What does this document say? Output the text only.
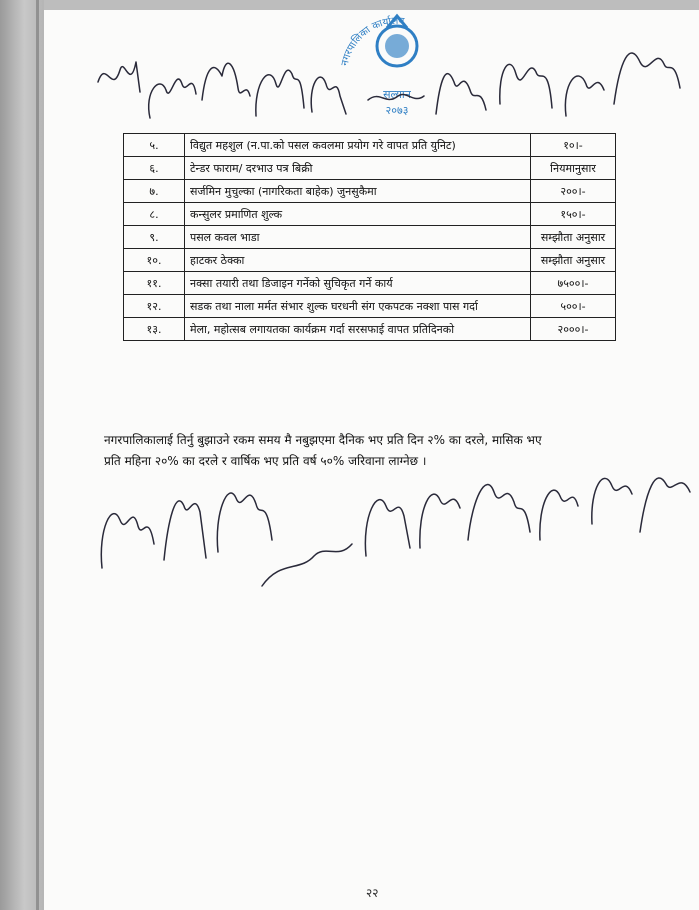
नगरपालिका कार्यालय
सल्यान
२०७३
५.	विद्युत महशुल (न.पा.को पसल कवलमा प्रयोग गरे वापत प्रति युनिट)	१०।-
६.	टेन्डर फाराम/ दरभाउ पत्र बिक्री	नियमानुसार
७.	सर्जमिन मुचुल्का (नागरिकता बाहेक) जुनसुकैमा	२००।-
८.	कन्सुलर प्रमाणित शुल्क	१५०।-
९.	पसल कवल भाडा	सम्झौता अनुसार
१०.	हाटकर ठेक्का	सम्झौता अनुसार
११.	नक्सा तयारी तथा डिजाइन गर्नेको सुचिकृत गर्ने कार्य	७५००।-
१२.	सडक तथा नाला मर्मत संभार शुल्क घरधनी संग एकपटक नक्शा पास गर्दा	५००।-
१३.	मेला, महोत्सब लगायतका कार्यक्रम गर्दा सरसफाई वापत प्रतिदिनको	२०००।-
नगरपालिकालाई तिर्नु बुझाउने रकम समय मै नबुझएमा दैनिक भए प्रति दिन २% का दरले, मासिक भए
प्रति महिना २०% का दरले र वार्षिक भए प्रति वर्ष ५०% जरिवाना लाग्नेछ ।
२२
